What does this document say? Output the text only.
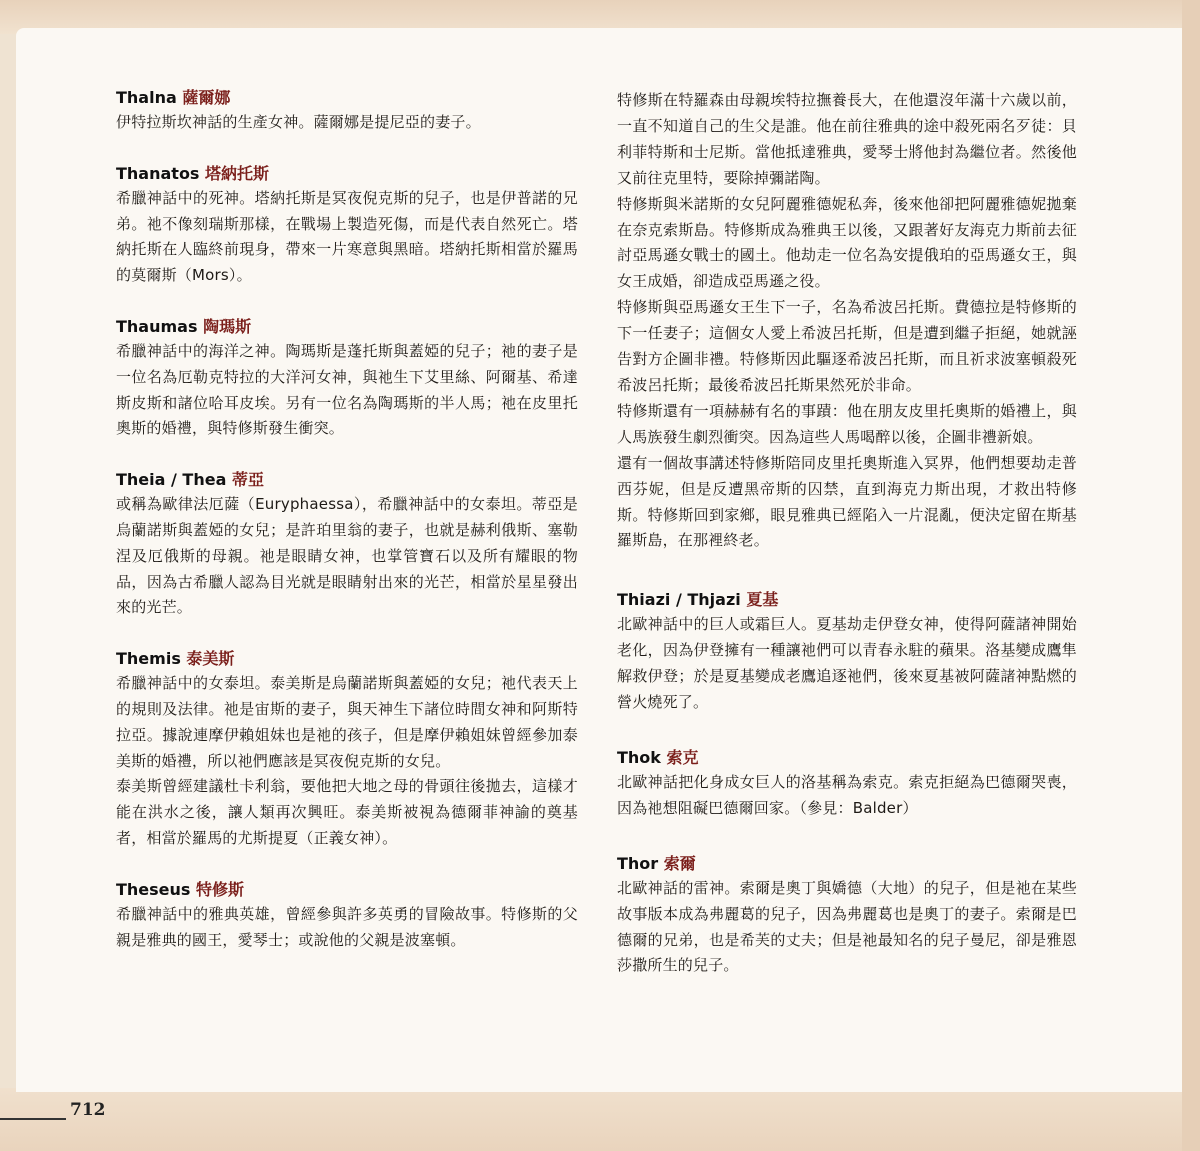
Thalna 薩爾娜

伊特拉斯坎神話的生產女神。薩爾娜是提尼亞的妻子。

Thanatos 塔納托斯

希臘神話中的死神。塔納托斯是冥夜倪克斯的兒子，也是伊普諾的兄弟。祂不像刻瑞斯那樣，在戰場上製造死傷，而是代表自然死亡。塔納托斯在人臨終前現身，帶來一片寒意與黑暗。塔納托斯相當於羅馬的莫爾斯（Mors）。

Thaumas 陶瑪斯

希臘神話中的海洋之神。陶瑪斯是蓬托斯與蓋婭的兒子；祂的妻子是一位名為厄勒克特拉的大洋河女神，與祂生下艾里絲、阿爾基、希達斯皮斯和諸位哈耳皮埃。另有一位名為陶瑪斯的半人馬；祂在皮里托奧斯的婚禮，與特修斯發生衝突。

Theia / Thea 蒂亞

或稱為歐律法厄薩（Euryphaessa），希臘神話中的女泰坦。蒂亞是烏蘭諾斯與蓋婭的女兒；是許珀里翁的妻子，也就是赫利俄斯、塞勒涅及厄俄斯的母親。祂是眼睛女神，也掌管寶石以及所有耀眼的物品，因為古希臘人認為目光就是眼睛射出來的光芒，相當於星星發出來的光芒。

Themis 泰美斯

希臘神話中的女泰坦。泰美斯是烏蘭諾斯與蓋婭的女兒；祂代表天上的規則及法律。祂是宙斯的妻子，與天神生下諸位時間女神和阿斯特拉亞。據說連摩伊賴姐妹也是祂的孩子，但是摩伊賴姐妹曾經參加泰美斯的婚禮，所以祂們應該是冥夜倪克斯的女兒。

泰美斯曾經建議杜卡利翁，要他把大地之母的骨頭往後拋去，這樣才能在洪水之後，讓人類再次興旺。泰美斯被視為德爾菲神諭的奠基者，相當於羅馬的尤斯提夏（正義女神）。

Theseus 特修斯

希臘神話中的雅典英雄，曾經參與許多英勇的冒險故事。特修斯的父親是雅典的國王，愛琴士；或說他的父親是波塞頓。

特修斯在特羅森由母親埃特拉撫養長大，在他還沒年滿十六歲以前，一直不知道自己的生父是誰。他在前往雅典的途中殺死兩名歹徒：貝利菲特斯和士尼斯。當他抵達雅典，愛琴士將他封為繼位者。然後他又前往克里特，要除掉彌諾陶。

特修斯與米諾斯的女兒阿麗雅德妮私奔，後來他卻把阿麗雅德妮拋棄在奈克索斯島。特修斯成為雅典王以後，又跟著好友海克力斯前去征討亞馬遜女戰士的國土。他劫走一位名為安提俄珀的亞馬遜女王，與女王成婚，卻造成亞馬遜之役。

特修斯與亞馬遜女王生下一子，名為希波呂托斯。費德拉是特修斯的下一任妻子；這個女人愛上希波呂托斯，但是遭到繼子拒絕，她就誣告對方企圖非禮。特修斯因此驅逐希波呂托斯，而且祈求波塞頓殺死希波呂托斯；最後希波呂托斯果然死於非命。

特修斯還有一項赫赫有名的事蹟：他在朋友皮里托奧斯的婚禮上，與人馬族發生劇烈衝突。因為這些人馬喝醉以後，企圖非禮新娘。

還有一個故事講述特修斯陪同皮里托奧斯進入冥界，他們想要劫走普西芬妮，但是反遭黑帝斯的囚禁，直到海克力斯出現，才救出特修斯。特修斯回到家鄉，眼見雅典已經陷入一片混亂，便決定留在斯基羅斯島，在那裡終老。

Thiazi / Thjazi 夏基

北歐神話中的巨人或霜巨人。夏基劫走伊登女神，使得阿薩諸神開始老化，因為伊登擁有一種讓祂們可以青春永駐的蘋果。洛基變成鷹隼解救伊登；於是夏基變成老鷹追逐祂們，後來夏基被阿薩諸神點燃的營火燒死了。

Thok 索克

北歐神話把化身成女巨人的洛基稱為索克。索克拒絕為巴德爾哭喪，因為祂想阻礙巴德爾回家。（參見：Balder）

Thor 索爾

北歐神話的雷神。索爾是奧丁與嬌德（大地）的兒子，但是祂在某些故事版本成為弗麗葛的兒子，因為弗麗葛也是奧丁的妻子。索爾是巴德爾的兄弟，也是希芙的丈夫；但是祂最知名的兒子曼尼，卻是雅恩莎撒所生的兒子。

712
